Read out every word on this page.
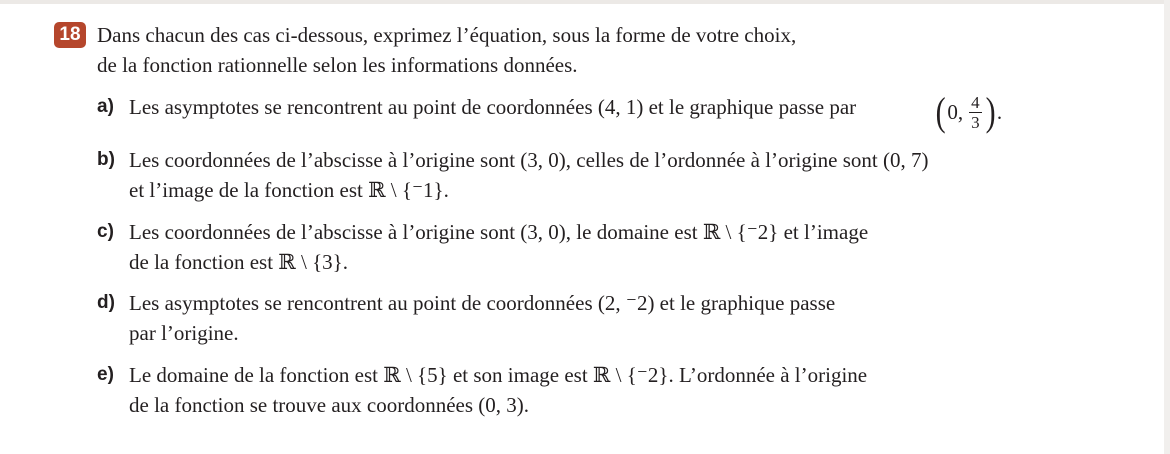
18 Dans chacun des cas ci-dessous, exprimez l’équation, sous la forme de votre choix,
de la fonction rationnelle selon les informations données.
a) Les asymptotes se rencontrent au point de coordonnées (4, 1) et le graphique passe par ( 0, $\frac{4}{3}$ ) .
b) Les coordonnées de l’abscisse à l’origine sont (3, 0), celles de l’ordonnée à l’origine sont (0, 7)
et l’image de la fonction est ℝ \ {⁻1}.
c) Les coordonnées de l’abscisse à l’origine sont (3, 0), le domaine est ℝ \ {⁻2} et l’image
de la fonction est ℝ \ {3}.
d) Les asymptotes se rencontrent au point de coordonnées (2, ⁻2) et le graphique passe
par l’origine.
e) Le domaine de la fonction est ℝ \ {5} et son image est ℝ \ {⁻2}. L’ordonnée à l’origine
de la fonction se trouve aux coordonnées (0, 3).
